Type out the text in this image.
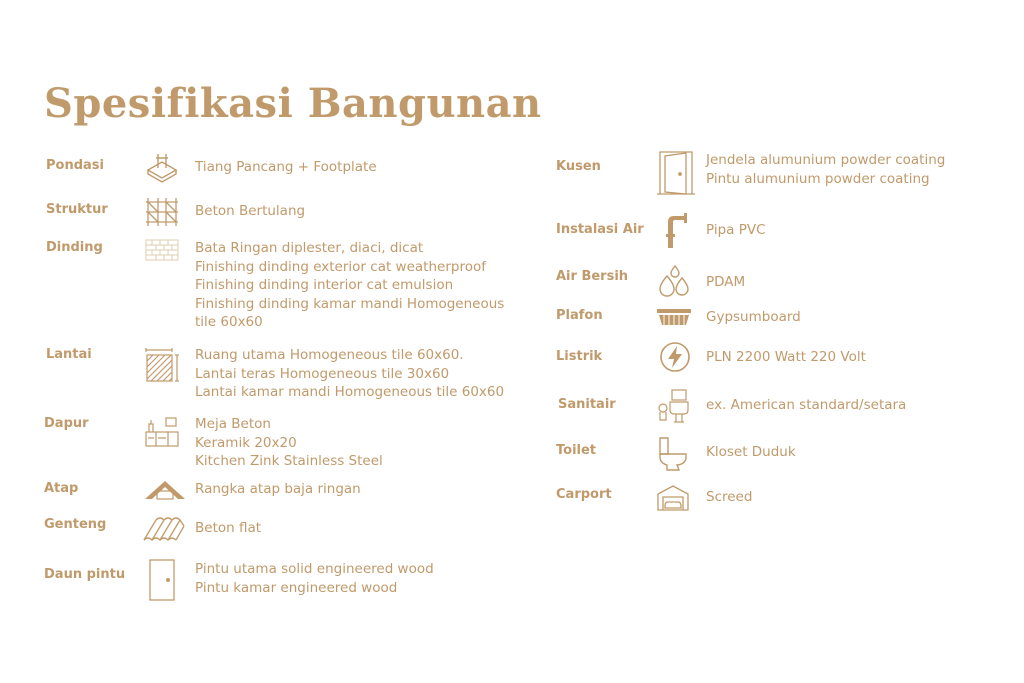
Spesifikasi Bangunan
Pondasi	Tiang Pancang + Footplate
Struktur	Beton Bertulang
Dinding	Bata Ringan diplester, diaci, dicat
Finishing dinding exterior cat weatherproof
Finishing dinding interior cat emulsion
Finishing dinding kamar mandi Homogeneous
tile 60x60
Lantai	Ruang utama Homogeneous tile 60x60.
Lantai teras Homogeneous tile 30x60
Lantai kamar mandi Homogeneous tile 60x60
Dapur	Meja Beton
Keramik 20x20
Kitchen Zink Stainless Steel
Atap	Rangka atap baja ringan
Genteng	Beton flat
Daun pintu	Pintu utama solid engineered wood
Pintu kamar engineered wood
Kusen	Jendela alumunium powder coating
Pintu alumunium powder coating
Instalasi Air	Pipa PVC
Air Bersih	PDAM
Plafon	Gypsumboard
Listrik	PLN 2200 Watt 220 Volt
Sanitair	ex. American standard/setara
Toilet	Kloset Duduk
Carport	Screed
